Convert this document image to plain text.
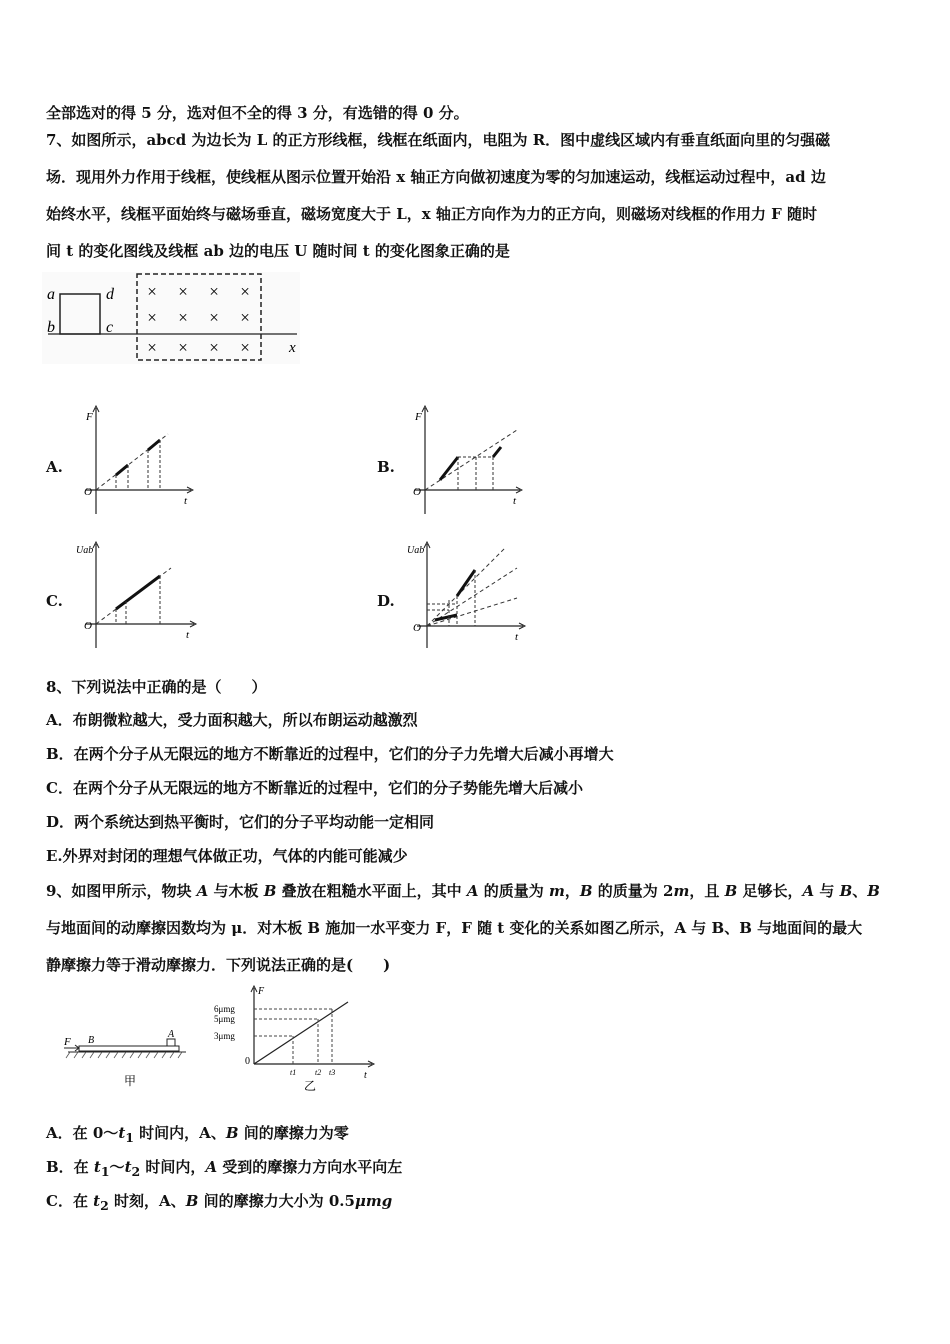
全部选对的得 5 分，选对但不全的得 3 分，有选错的得 0 分。
7、如图所示，abcd 为边长为 L 的正方形线框，线框在纸面内，电阻为 R．图中虚线区域内有垂直纸面向里的匀强磁
场．现用外力作用于线框，使线框从图示位置开始沿 x 轴正方向做初速度为零的匀加速运动，线框运动过程中，ad 边
始终水平，线框平面始终与磁场垂直，磁场宽度大于 L，x 轴正方向作为力的正方向，则磁场对线框的作用力 F 随时
间 t 的变化图线及线框 ab 边的电压 U 随时间 t 的变化图象正确的是
a
b
d
c
x
× × × ×
× × × ×
× × × ×
A.
F
O
t
B.
F
O
t
C.
Uab
O
t
D.
Uab
O
t
8、下列说法中正确的是（　　）
A．布朗微粒越大，受力面积越大，所以布朗运动越激烈
B．在两个分子从无限远的地方不断靠近的过程中，它们的分子力先增大后减小再增大
C．在两个分子从无限远的地方不断靠近的过程中，它们的分子势能先增大后减小
D．两个系统达到热平衡时，它们的分子平均动能一定相同
E.外界对封闭的理想气体做正功，气体的内能可能减少
9、如图甲所示，物块 A 与木板 B 叠放在粗糙水平面上，其中 A 的质量为 m，B 的质量为 2m，且 B 足够长，A 与 B、B
与地面间的动摩擦因数均为 μ．对木板 B 施加一水平变力 F，F 随 t 变化的关系如图乙所示，A 与 B、B 与地面间的最大
静摩擦力等于滑动摩擦力．下列说法正确的是(　　)
F B
A
甲
F
0
t
6μmg
5μmg
3μmg
t1 t2 t3
乙
A．在 $0\sim t_1$ 时间内，A、B 间的摩擦力为零
B．在 $t_1\sim t_2$ 时间内，A 受到的摩擦力方向水平向左
C．在 $t_2$ 时刻，A、B 间的摩擦力大小为 0.5μmg
